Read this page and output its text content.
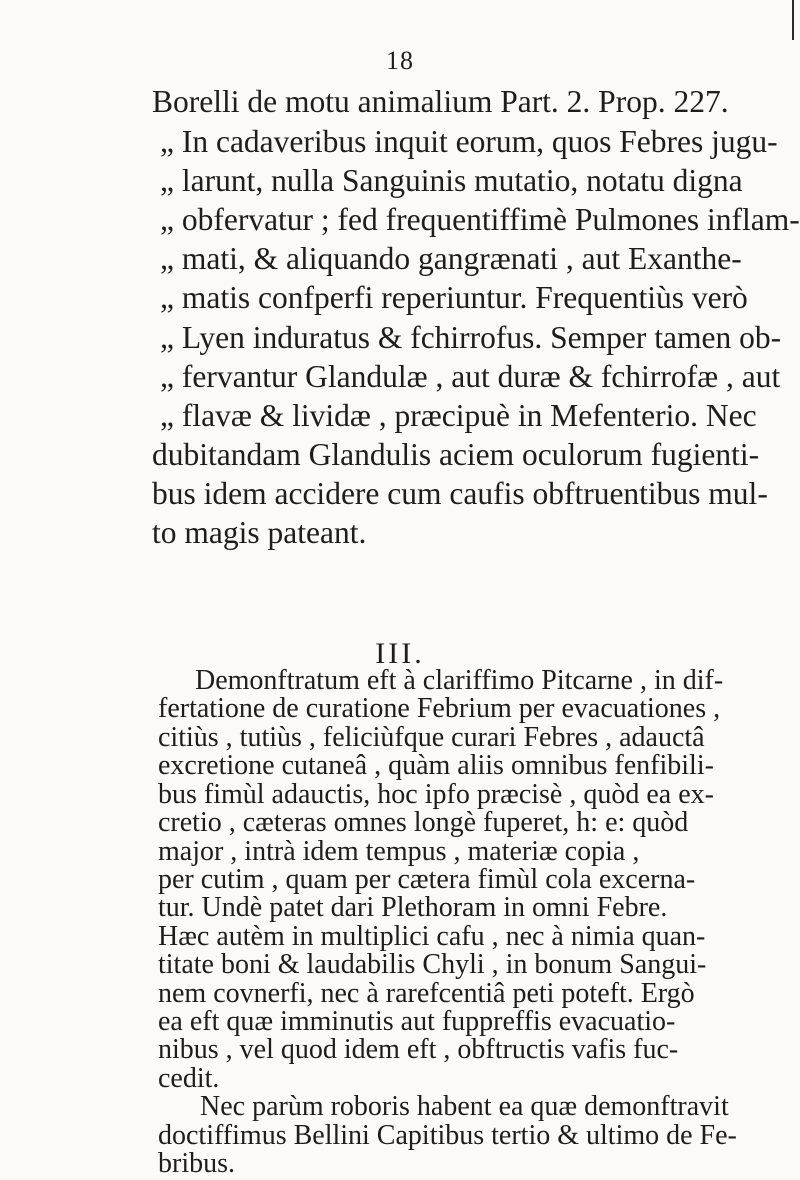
18
Borelli de motu animalium Part. 2. Prop. 227.
„ In cadaveribus inquit eorum, quos Febres jugu-
„ larunt, nulla Sanguinis mutatio, notatu digna
„ obfervatur ; fed frequentiffimè Pulmones inflam-
„ mati, & aliquando gangrænati , aut Exanthe-
„ matis confperfi reperiuntur. Frequentiùs verò
„ Lyen induratus & fchirrofus. Semper tamen ob-
„ fervantur Glandulæ , aut duræ & fchirrofæ , aut
„ flavæ & lividæ , præcipuè in Mefenterio. Nec
dubitandam Glandulis aciem oculorum fugienti-
bus idem accidere cum caufis obftruentibus mul-
to magis pateant.
III.
Demonftratum eft à clariffimo Pitcarne , in dif-
fertatione de curatione Febrium per evacuationes ,
citiùs , tutiùs , feliciùfque curari Febres , adauctâ
excretione cutaneâ , quàm aliis omnibus fenfibili-
bus fimùl adauctis, hoc ipfo præcisè , quòd ea ex-
cretio , cæteras omnes longè fuperet, h: e: quòd
major , intrà idem tempus , materiæ copia ,
per cutim , quam per cætera fimùl cola excerna-
tur. Undè patet dari Plethoram in omni Febre.
Hæc autèm in multiplici cafu , nec à nimia quan-
titate boni & laudabilis Chyli , in bonum Sangui-
nem covnerfi, nec à rarefcentiâ peti poteft. Ergò
ea eft quæ imminutis aut fuppreffis evacuatio-
nibus , vel quod idem eft , obftructis vafis fuc-
cedit.
Nec parùm roboris habent ea quæ demonftravit
doctiffimus Bellini Capitibus tertio & ultimo de Fe-
bribus.
